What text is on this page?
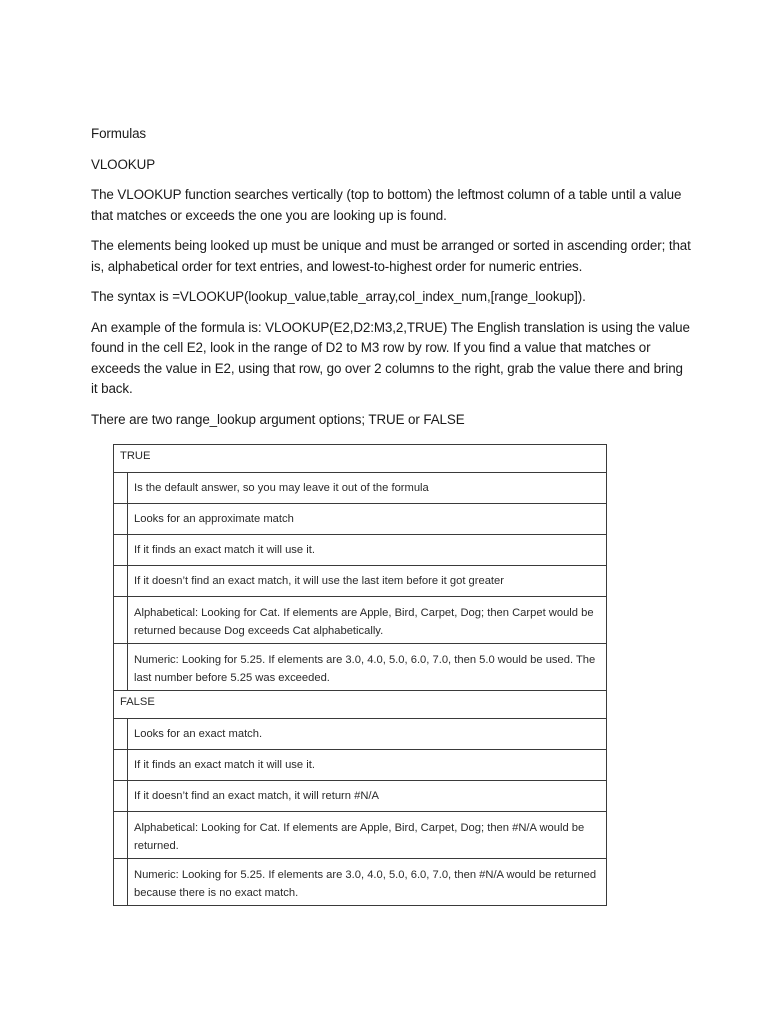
Formulas

VLOOKUP

The VLOOKUP function searches vertically (top to bottom) the leftmost column of a table until a value that matches or exceeds the one you are looking up is found.

The elements being looked up must be unique and must be arranged or sorted in ascending order; that is, alphabetical order for text entries, and lowest-to-highest order for numeric entries.

The syntax is =VLOOKUP(lookup_value,table_array,col_index_num,[range_lookup]).

An example of the formula is: VLOOKUP(E2,D2:M3,2,TRUE) The English translation is using the value found in the cell E2, look in the range of D2 to M3 row by row. If you find a value that matches or exceeds the value in E2, using that row, go over 2 columns to the right, grab the value there and bring it back.

There are two range_lookup argument options; TRUE or FALSE

TRUE	
	Is the default answer, so you may leave it out of the formula
	Looks for an approximate match
	If it finds an exact match it will use it.
	If it doesn’t find an exact match, it will use the last item before it got greater
	Alphabetical: Looking for Cat. If elements are Apple, Bird, Carpet, Dog; then Carpet would be returned because Dog exceeds Cat alphabetically.
	Numeric: Looking for 5.25. If elements are 3.0, 4.0, 5.0, 6.0, 7.0, then 5.0 would be used. The last number before 5.25 was exceeded.
FALSE	
	Looks for an exact match.
	If it finds an exact match it will use it.
	If it doesn’t find an exact match, it will return #N/A
	Alphabetical: Looking for Cat. If elements are Apple, Bird, Carpet, Dog; then #N/A would be returned.
	Numeric: Looking for 5.25. If elements are 3.0, 4.0, 5.0, 6.0, 7.0, then #N/A would be returned because there is no exact match.
